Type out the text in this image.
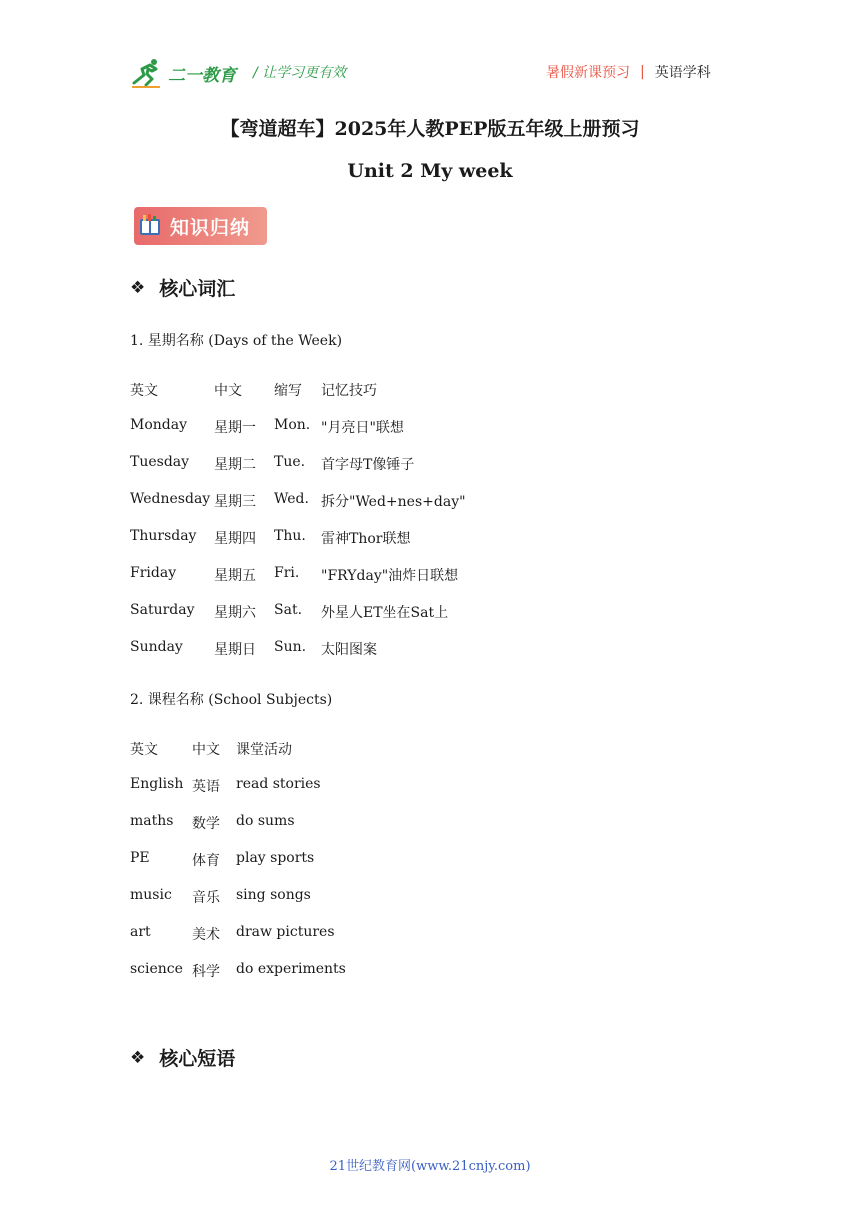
二一教育 / 让学习更有效	暑假新课预习 | 英语学科
【弯道超车】2025年人教PEP版五年级上册预习
Unit 2 My week
知识归纳
❖ 核心词汇
1. 星期名称 (Days of the Week)
英文	中文 缩写 记忆技巧
Monday 星期一 Mon. "月亮日"联想
Tuesday 星期二 Tue. 首字母T像锤子
Wednesday 星期三 Wed. 拆分"Wed+nes+day"
Thursday 星期四 Thu. 雷神Thor联想
Friday	星期五 Fri. "FRYday"油炸日联想
Saturday 星期六 Sat. 外星人ET坐在Sat上
Sunday 星期日 Sun. 太阳图案
2. 课程名称 (School Subjects)
英文 中文 课堂活动
English 英语 read stories
maths 数学 do sums
PE	体育 play sports
music 音乐 sing songs
art	美术 draw pictures
science 科学 do experiments
❖ 核心短语
21世纪教育网(www.21cnjy.com)
